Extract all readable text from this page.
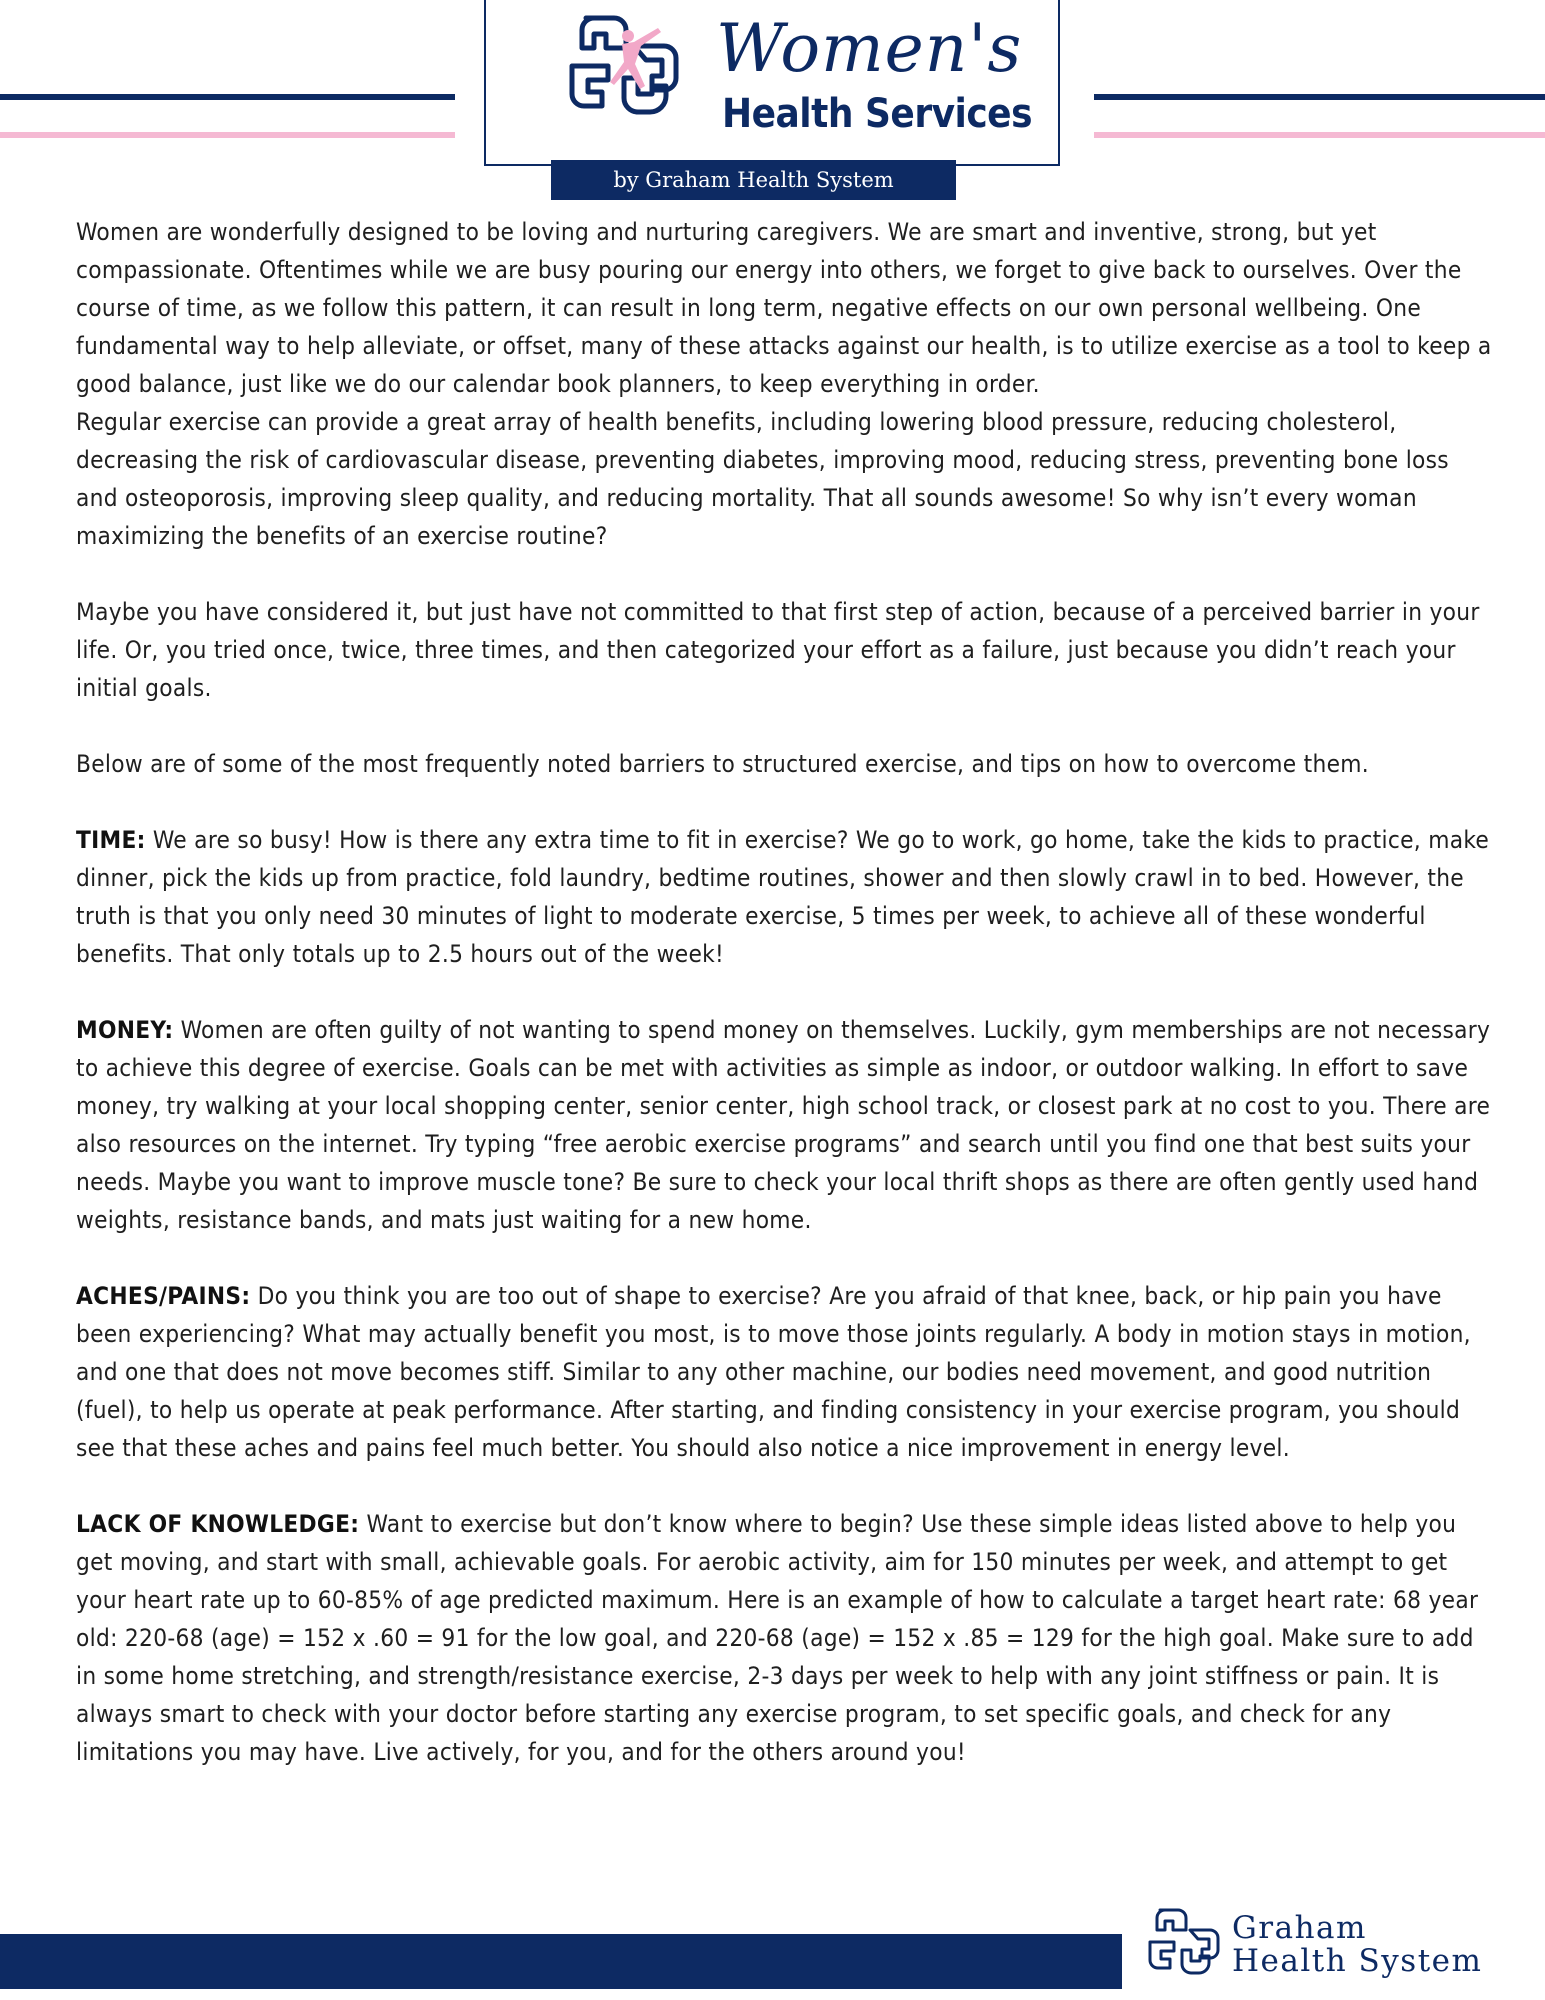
Women's
Health Services
by Graham Health System

Women are wonderfully designed to be loving and nurturing caregivers. We are smart and inventive, strong, but yet compassionate. Oftentimes while we are busy pouring our energy into others, we forget to give back to ourselves. Over the course of time, as we follow this pattern, it can result in long term, negative effects on our own personal wellbeing. One fundamental way to help alleviate, or offset, many of these attacks against our health, is to utilize exercise as a tool to keep a good balance, just like we do our calendar book planners, to keep everything in order.

Regular exercise can provide a great array of health benefits, including lowering blood pressure, reducing cholesterol, decreasing the risk of cardiovascular disease, preventing diabetes, improving mood, reducing stress, preventing bone loss and osteoporosis, improving sleep quality, and reducing mortality. That all sounds awesome! So why isn’t every woman maximizing the benefits of an exercise routine?

Maybe you have considered it, but just have not committed to that first step of action, because of a perceived barrier in your life. Or, you tried once, twice, three times, and then categorized your effort as a failure, just because you didn’t reach your initial goals.

Below are of some of the most frequently noted barriers to structured exercise, and tips on how to overcome them.

TIME: We are so busy! How is there any extra time to fit in exercise? We go to work, go home, take the kids to practice, make dinner, pick the kids up from practice, fold laundry, bedtime routines, shower and then slowly crawl in to bed. However, the truth is that you only need 30 minutes of light to moderate exercise, 5 times per week, to achieve all of these wonderful benefits. That only totals up to 2.5 hours out of the week!

MONEY: Women are often guilty of not wanting to spend money on themselves. Luckily, gym memberships are not necessary to achieve this degree of exercise. Goals can be met with activities as simple as indoor, or outdoor walking. In effort to save money, try walking at your local shopping center, senior center, high school track, or closest park at no cost to you. There are also resources on the internet. Try typing “free aerobic exercise programs” and search until you find one that best suits your needs. Maybe you want to improve muscle tone? Be sure to check your local thrift shops as there are often gently used hand weights, resistance bands, and mats just waiting for a new home.

ACHES/PAINS: Do you think you are too out of shape to exercise? Are you afraid of that knee, back, or hip pain you have been experiencing? What may actually benefit you most, is to move those joints regularly. A body in motion stays in motion, and one that does not move becomes stiff. Similar to any other machine, our bodies need movement, and good nutrition (fuel), to help us operate at peak performance. After starting, and finding consistency in your exercise program, you should see that these aches and pains feel much better. You should also notice a nice improvement in energy level.

LACK OF KNOWLEDGE: Want to exercise but don’t know where to begin? Use these simple ideas listed above to help you get moving, and start with small, achievable goals. For aerobic activity, aim for 150 minutes per week, and attempt to get your heart rate up to 60-85% of age predicted maximum. Here is an example of how to calculate a target heart rate: 68 year old: 220-68 (age) = 152 x .60 = 91 for the low goal, and 220-68 (age) = 152 x .85 = 129 for the high goal. Make sure to add in some home stretching, and strength/resistance exercise, 2-3 days per week to help with any joint stiffness or pain. It is always smart to check with your doctor before starting any exercise program, to set specific goals, and check for any limitations you may have. Live actively, for you, and for the others around you!

Graham
Health System
